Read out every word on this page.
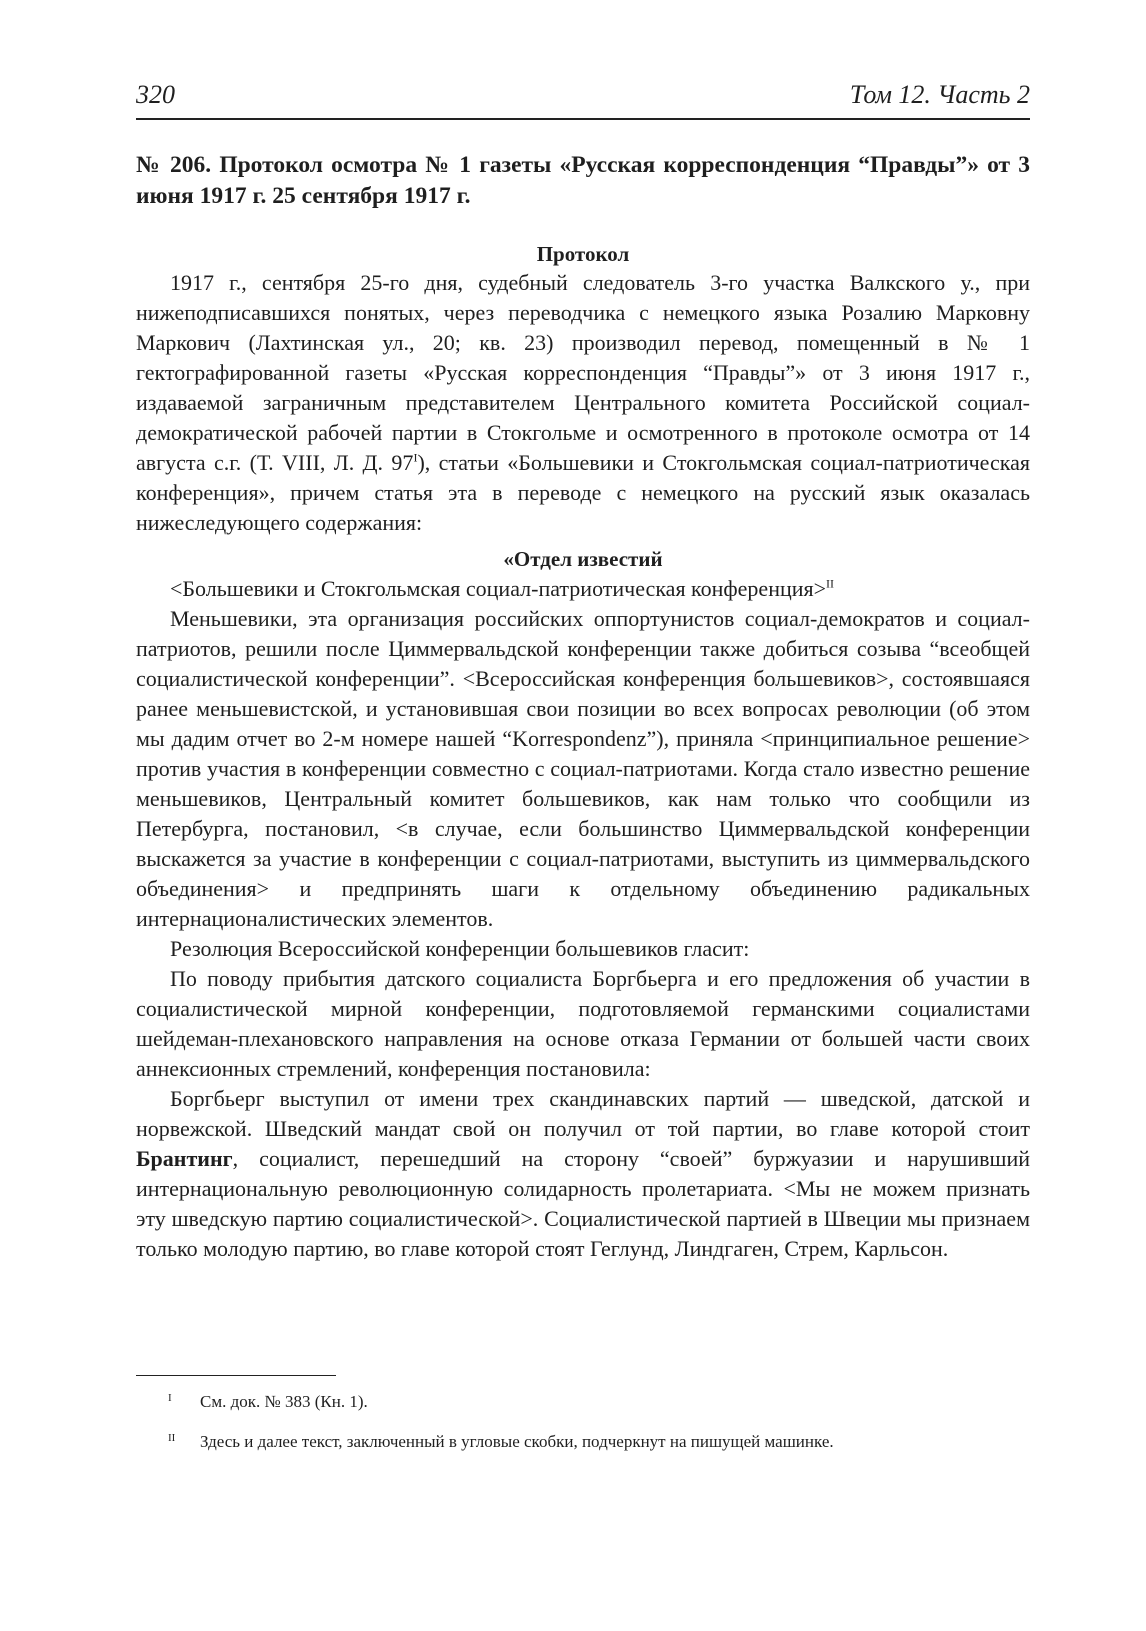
320	Том 12. Часть 2
№ 206. Протокол осмотра № 1 газеты «Русская корреспонденция “Правды”» от 3 июня 1917 г. 25 сентября 1917 г.
Протокол

1917 г., сентября 25-го дня, судебный следователь 3-го участка Валкского у., при нижеподписавшихся понятых, через переводчика с немецкого языка Розалию Марковну Маркович (Лахтинская ул., 20; кв. 23) производил перевод, помещенный в № 1 гектографированной газеты «Русская корреспонденция “Правды”» от 3 июня 1917 г., издаваемой заграничным представителем Центрального комитета Российской социал-демократической рабочей партии в Стокгольме и осмотренного в протоколе осмотра от 14 августа с.г. (Т. VIII, Л. Д. $97^I$), статьи «Большевики и Стокгольмская социал-патриотическая конференция», причем статья эта в переводе с немецкого на русский язык оказалась нижеследующего содержания:

«Отдел известий

<Большевики и Стокгольмская социал-патриотическая конференция>$^{II}$

Меньшевики, эта организация российских оппортунистов социал-демократов и социал-патриотов, решили после Циммервальдской конференции также добиться созыва “всеобщей социалистической конференции”. <Всероссийская конференция большевиков>, состоявшаяся ранее меньшевистской, и установившая свои позиции во всех вопросах революции (об этом мы дадим отчет во 2-м номере нашей “Korrespondenz”), приняла <принципиальное решение> против участия в конференции совместно с социал-патриотами. Когда стало известно решение меньшевиков, Центральный комитет большевиков, как нам только что сообщили из Петербурга, постановил, <в случае, если большинство Циммервальдской конференции выскажется за участие в конференции с социал-патриотами, выступить из циммервальдского объединения> и предпринять шаги к отдельному объединению радикальных интернационалистических элементов.

Резолюция Всероссийской конференции большевиков гласит:

По поводу прибытия датского социалиста Боргбьерга и его предложения об участии в социалистической мирной конференции, подготовляемой германскими социалистами шейдеман-плехановского направления на основе отказа Германии от большей части своих аннексионных стремлений, конференция постановила:

Боргбьерг выступил от имени трех скандинавских партий — шведской, датской и норвежской. Шведский мандат свой он получил от той партии, во главе которой стоит Брантинг, социалист, перешедший на сторону “своей” буржуазии и нарушивший интернациональную революционную солидарность пролетариата. <Мы не можем признать эту шведскую партию социалистической>. Социалистической партией в Швеции мы признаем только молодую партию, во главе которой стоят Геглунд, Линдгаген, Стрем, Карльсон.

I	См. док. № 383 (Кн. 1).
II	Здесь и далее текст, заключенный в угловые скобки, подчеркнут на пишущей машинке.
